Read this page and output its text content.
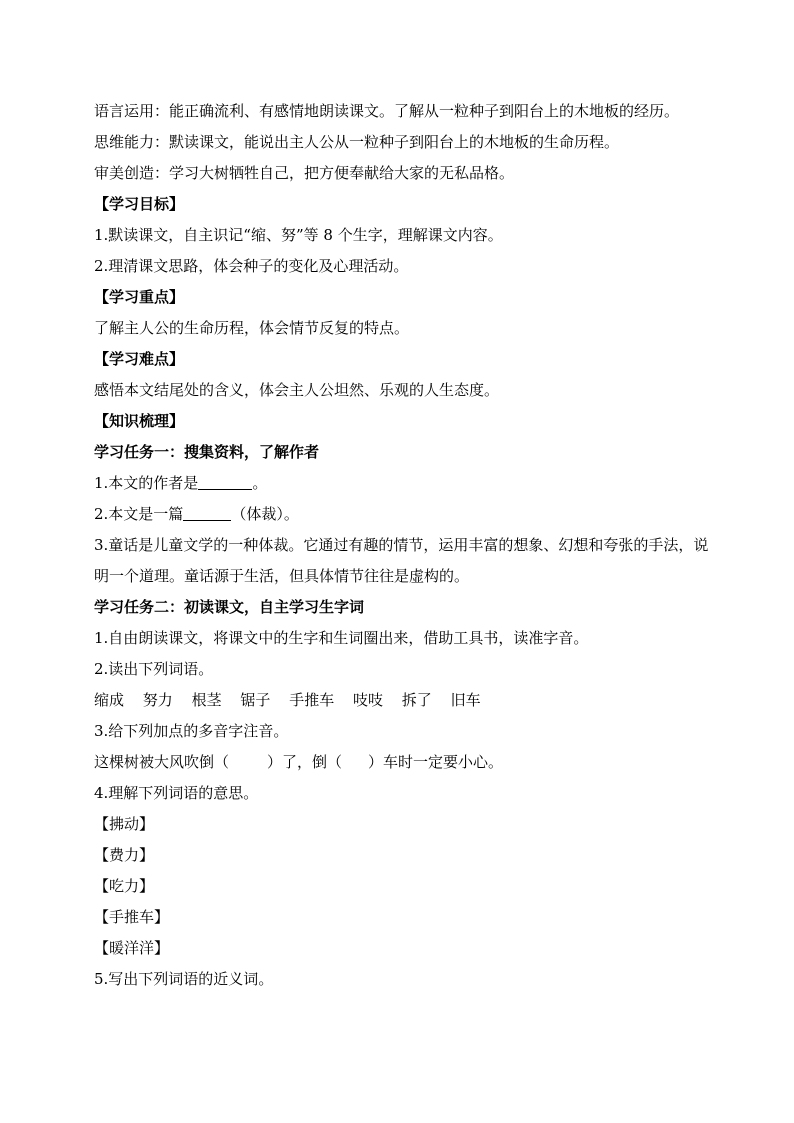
语言运用：能正确流利、有感情地朗读课文。了解从一粒种子到阳台上的木地板的经历。
思维能力：默读课文，能说出主人公从一粒种子到阳台上的木地板的生命历程。
审美创造：学习大树牺牲自己，把方便奉献给大家的无私品格。
【学习目标】
1.默读课文，自主识记“缩、努”等 8 个生字，理解课文内容。
2.理清课文思路，体会种子的变化及心理活动。
【学习重点】
了解主人公的生命历程，体会情节反复的特点。
【学习难点】
感悟本文结尾处的含义，体会主人公坦然、乐观的人生态度。
【知识梳理】
学习任务一：搜集资料，了解作者
1.本文的作者是	。
2.本文是一篇	（体裁）。
3.童话是儿童文学的一种体裁。它通过有趣的情节，运用丰富的想象、幻想和夸张的手法，说明一个道理。童话源于生活，但具体情节往往是虚构的。
学习任务二：初读课文，自主学习生字词
1.自由朗读课文，将课文中的生字和生词圈出来，借助工具书，读准字音。
2.读出下列词语。
缩成 努力 根茎 锯子 手推车 吱吱 拆了 旧车
3.给下列加点的多音字注音。
这棵树被大风吹倒（	）了，倒（ ）车时一定要小心。
4.理解下列词语的意思。
【拂动】
【费力】
【吃力】
【手推车】
【暖洋洋】
5.写出下列词语的近义词。
